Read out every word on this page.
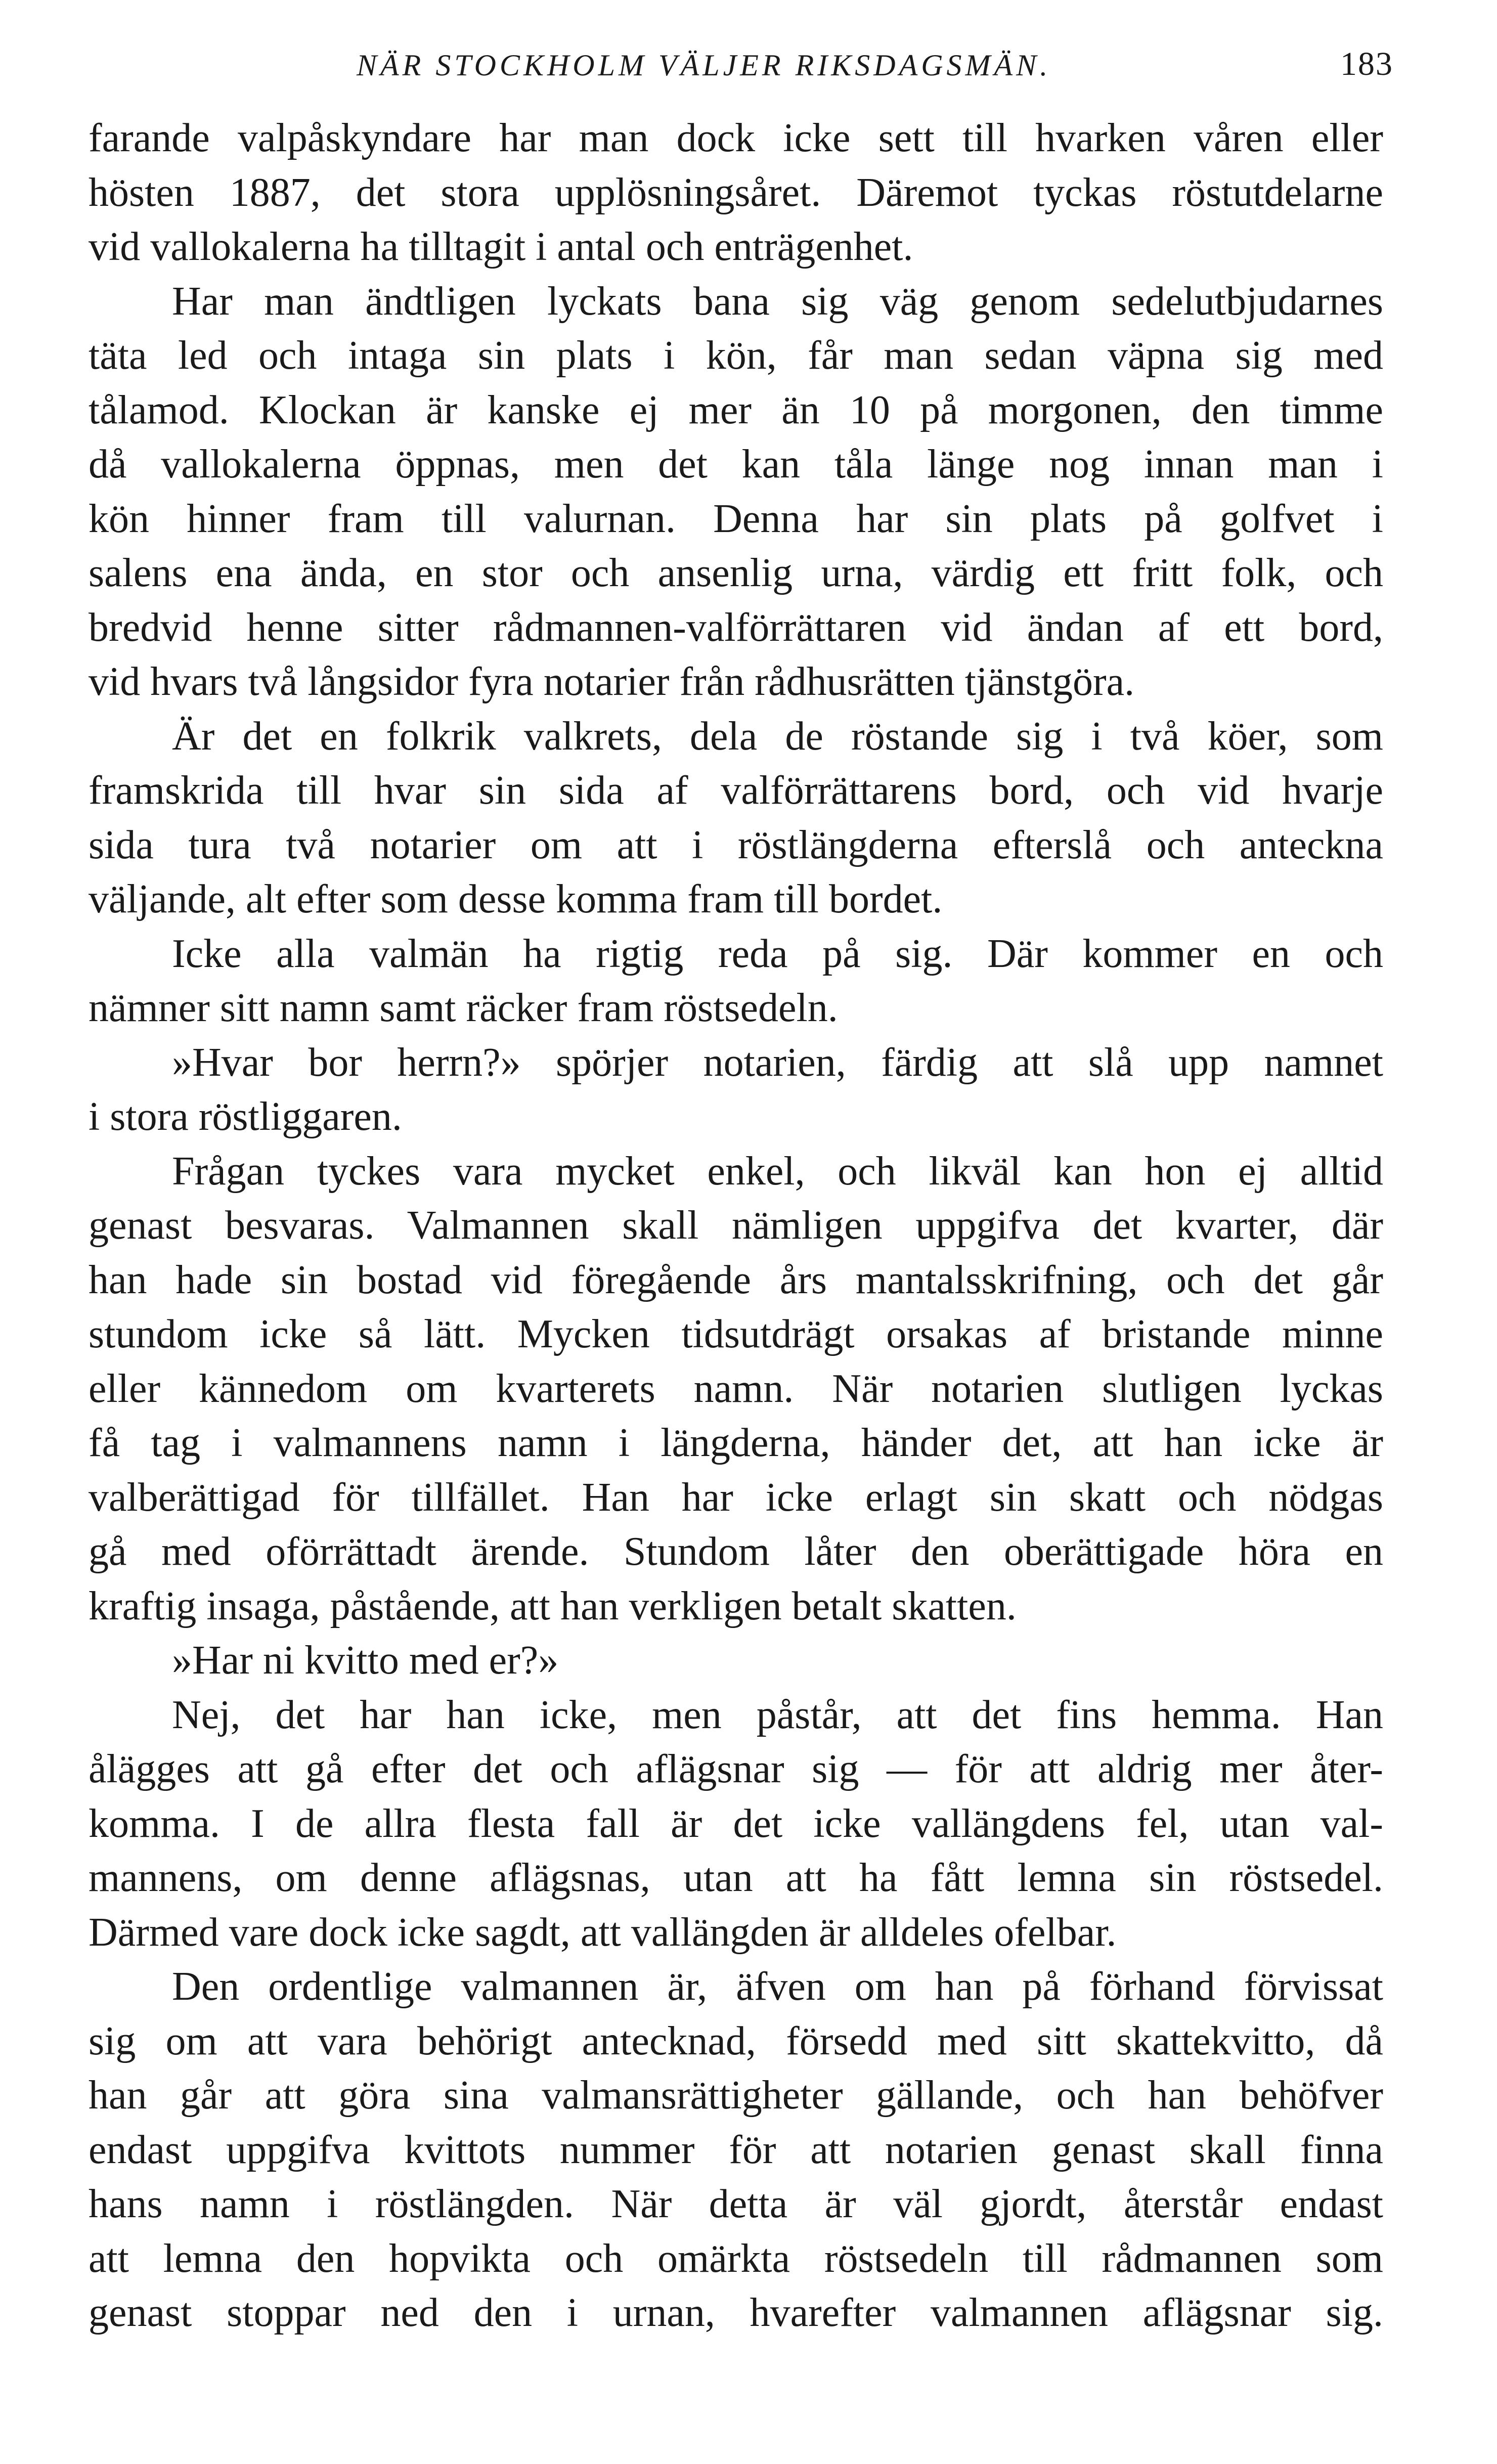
NÄR STOCKHOLM VÄLJER RIKSDAGSMÄN.	183
farande valpåskyndare har man dock icke sett till hvarken våren eller
hösten 1887, det stora upplösningsåret. Däremot tyckas röstutdelarne
vid vallokalerna ha tilltagit i antal och enträgenhet.
Har man ändtligen lyckats bana sig väg genom sedelutbjudarnes
täta led och intaga sin plats i kön, får man sedan väpna sig med
tålamod. Klockan är kanske ej mer än 10 på morgonen, den timme
då vallokalerna öppnas, men det kan tåla länge nog innan man i
kön hinner fram till valurnan. Denna har sin plats på golfvet i
salens ena ända, en stor och ansenlig urna, värdig ett fritt folk, och
bredvid henne sitter rådmannen-valförrättaren vid ändan af ett bord,
vid hvars två långsidor fyra notarier från rådhusrätten tjänstgöra.
Är det en folkrik valkrets, dela de röstande sig i två köer, som
framskrida till hvar sin sida af valförrättarens bord, och vid hvarje
sida tura två notarier om att i röstlängderna efterslå och anteckna
väljande, alt efter som desse komma fram till bordet.
Icke alla valmän ha rigtig reda på sig. Där kommer en och
nämner sitt namn samt räcker fram röstsedeln.
»Hvar bor herrn?» spörjer notarien, färdig att slå upp namnet
i stora röstliggaren.
Frågan tyckes vara mycket enkel, och likväl kan hon ej alltid
genast besvaras. Valmannen skall nämligen uppgifva det kvarter, där
han hade sin bostad vid föregående års mantalsskrifning, och det går
stundom icke så lätt. Mycken tidsutdrägt orsakas af bristande minne
eller kännedom om kvarterets namn. När notarien slutligen lyckas
få tag i valmannens namn i längderna, händer det, att han icke är
valberättigad för tillfället. Han har icke erlagt sin skatt och nödgas
gå med oförrättadt ärende. Stundom låter den oberättigade höra en
kraftig insaga, påstående, att han verkligen betalt skatten.
»Har ni kvitto med er?»
Nej, det har han icke, men påstår, att det fins hemma. Han
ålägges att gå efter det och aflägsnar sig — för att aldrig mer åter-
komma. I de allra flesta fall är det icke vallängdens fel, utan val-
mannens, om denne aflägsnas, utan att ha fått lemna sin röstsedel.
Därmed vare dock icke sagdt, att vallängden är alldeles ofelbar.
Den ordentlige valmannen är, äfven om han på förhand förvissat
sig om att vara behörigt antecknad, försedd med sitt skattekvitto, då
han går att göra sina valmansrättigheter gällande, och han behöfver
endast uppgifva kvittots nummer för att notarien genast skall finna
hans namn i röstlängden. När detta är väl gjordt, återstår endast
att lemna den hopvikta och omärkta röstsedeln till rådmannen som
genast stoppar ned den i urnan, hvarefter valmannen aflägsnar sig.
